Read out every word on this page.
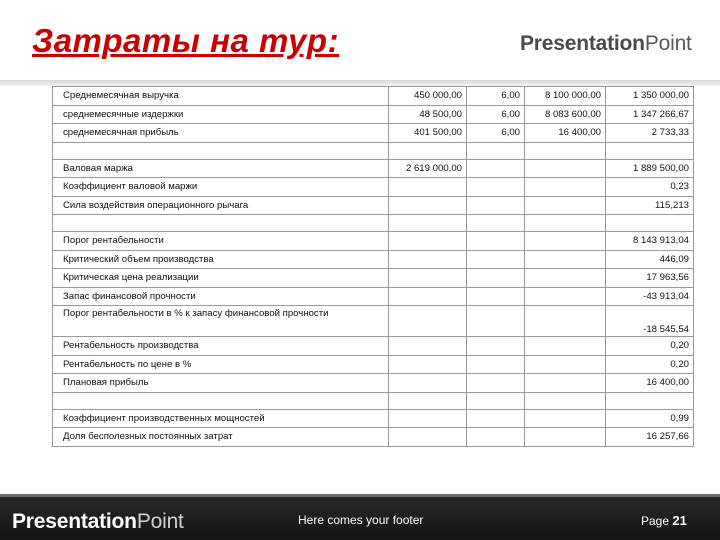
Затраты на тур:	PresentationPoint
Среднемесячная выручка	450 000,00	6,00	8 100 000,00	1 350 000,00
среднемесячные издержки	48 500,00	6,00	8 083 600,00	1 347 266,67
среднемесячная прибыль	401 500,00	6,00	16 400,00	2 733,33

Валовая маржа	2 619 000,00			1 889 500,00
Коэффициент валовой маржи				0,23
Сила воздействия операционного рычага				115,213

Порог рентабельности				8 143 913,04
Критический объем производства				446,09
Критическая цена реализации				17 963,56
Запас финансовой прочности				-43 913,04
Порог рентабельности в % к запасу финансовой прочности				-18 545,54
Рентабельность производства				0,20
Рентабельность по цене в %				0,20
Плановая прибыль				16 400,00

Коэффициент производственных мощностей				0,99
Доля бесполезных постоянных затрат				16 257,66
PresentationPoint	Here comes your footer	Page 21
